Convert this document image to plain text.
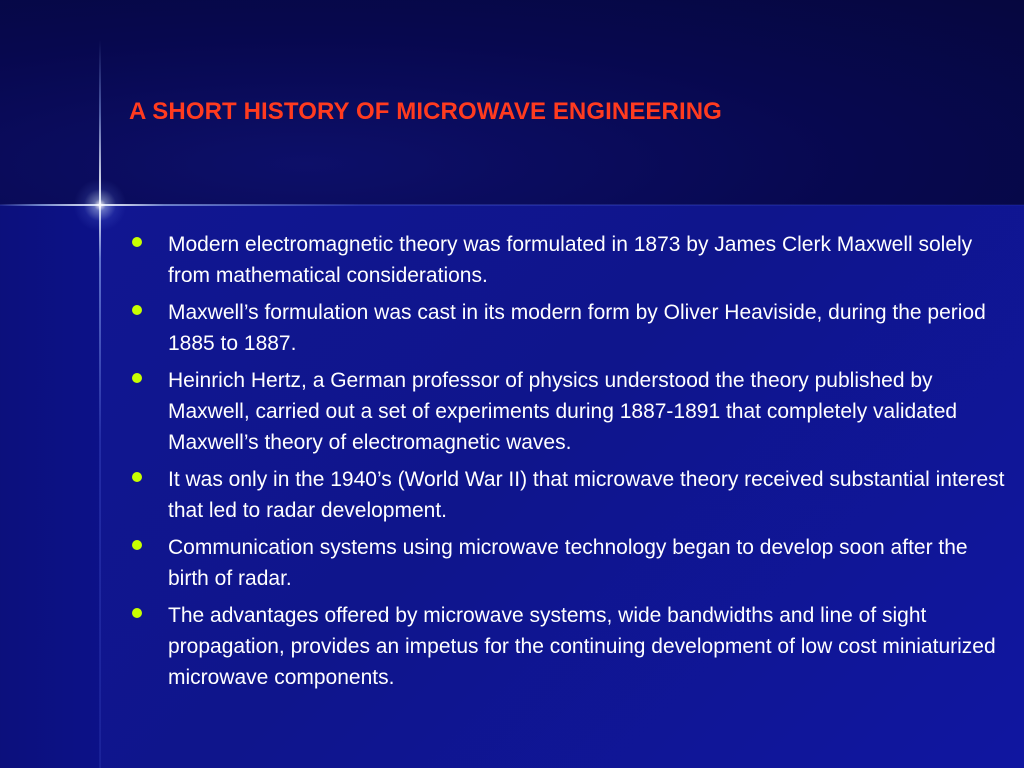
A SHORT HISTORY OF MICROWAVE ENGINEERING
Modern electromagnetic theory was formulated in 1873 by James Clerk Maxwell solely from mathematical considerations.
Maxwell’s formulation was cast in its modern form by Oliver Heaviside, during the period 1885 to 1887.
Heinrich Hertz, a German professor of physics understood the theory published by Maxwell, carried out a set of experiments during 1887-1891 that completely validated Maxwell’s theory of electromagnetic waves.
It was only in the 1940’s (World War II) that microwave theory received substantial interest that led to radar development.
Communication systems using microwave technology began to develop soon after the birth of radar.
The advantages offered by microwave systems, wide bandwidths and line of sight propagation, provides an impetus for the continuing development of low cost miniaturized microwave components.
